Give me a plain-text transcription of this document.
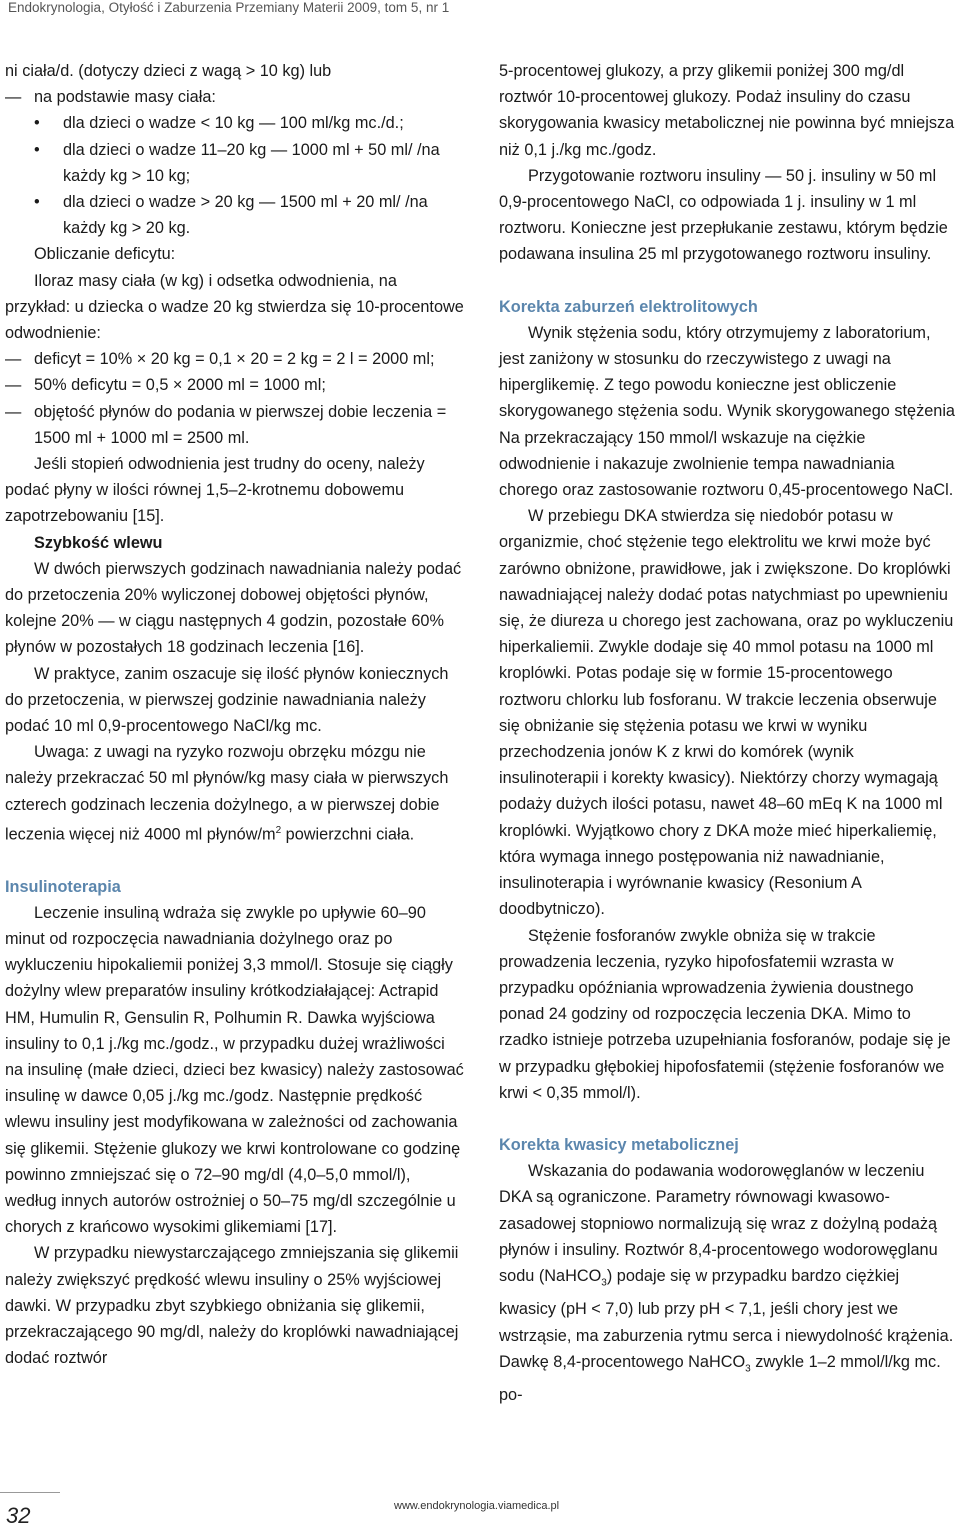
Endokrynologia, Otyłość i Zaburzenia Przemiany Materii 2009, tom 5, nr 1

ni ciała/d. (dotyczy dzieci z wagą > 10 kg) lub

— na podstawie masy ciała:
• dla dzieci o wadze < 10 kg — 100 ml/kg mc./d.;
• dla dzieci o wadze 11–20 kg — 1000 ml + 50 ml/ /na każdy kg > 10 kg;
• dla dzieci o wadze > 20 kg — 1500 ml + 20 ml/ /na każdy kg > 20 kg.

Obliczanie deficytu:

Iloraz masy ciała (w kg) i odsetka odwodnienia, na przykład: u dziecka o wadze 20 kg stwierdza się 10-procentowe odwodnienie:

— deficyt = 10% × 20 kg = 0,1 × 20 = 2 kg = 2 l = 2000 ml;
— 50% deficytu = 0,5 × 2000 ml = 1000 ml;
— objętość płynów do podania w pierwszej dobie leczenia = 1500 ml + 1000 ml = 2500 ml.

Jeśli stopień odwodnienia jest trudny do oceny, należy podać płyny w ilości równej 1,5–2-krotnemu dobowemu zapotrzebowaniu [15].

Szybkość wlewu

W dwóch pierwszych godzinach nawadniania należy podać do przetoczenia 20% wyliczonej dobowej objętości płynów, kolejne 20% — w ciągu następnych 4 godzin, pozostałe 60% płynów w pozostałych 18 godzinach leczenia [16].

W praktyce, zanim oszacuje się ilość płynów koniecznych do przetoczenia, w pierwszej godzinie nawadniania należy podać 10 ml 0,9-procentowego NaCl/kg mc.

Uwaga: z uwagi na ryzyko rozwoju obrzęku mózgu nie należy przekraczać 50 ml płynów/kg masy ciała w pierwszych czterech godzinach leczenia dożylnego, a w pierwszej dobie leczenia więcej niż 4000 ml płynów/$m^2$ powierzchni ciała.

Insulinoterapia

Leczenie insuliną wdraża się zwykle po upływie 60–90 minut od rozpoczęcia nawadniania dożylnego oraz po wykluczeniu hipokaliemii poniżej 3,3 mmol/l. Stosuje się ciągły dożylny wlew preparatów insuliny krótkodziałającej: Actrapid HM, Humulin R, Gensulin R, Polhumin R. Dawka wyjściowa insuliny to 0,1 j./kg mc./godz., w przypadku dużej wrażliwości na insulinę (małe dzieci, dzieci bez kwasicy) należy zastosować insulinę w dawce 0,05 j./kg mc./godz. Następnie prędkość wlewu insuliny jest modyfikowana w zależności od zachowania się glikemii. Stężenie glukozy we krwi kontrolowane co godzinę powinno zmniejszać się o 72–90 mg/dl (4,0–5,0 mmol/l), według innych autorów ostrożniej o 50–75 mg/dl szczególnie u chorych z krańcowo wysokimi glikemiami [17].

W przypadku niewystarczającego zmniejszania się glikemii należy zwiększyć prędkość wlewu insuliny o 25% wyjściowej dawki. W przypadku zbyt szybkiego obniżania się glikemii, przekraczającego 90 mg/dl, należy do kroplówki nawadniającej dodać roztwór

5-procentowej glukozy, a przy glikemii poniżej 300 mg/dl roztwór 10-procentowej glukozy. Podaż insuliny do czasu skorygowania kwasicy metabolicznej nie powinna być mniejsza niż 0,1 j./kg mc./godz.

Przygotowanie roztworu insuliny — 50 j. insuliny w 50 ml 0,9-procentowego NaCl, co odpowiada 1 j. insuliny w 1 ml roztworu. Konieczne jest przepłukanie zestawu, którym będzie podawana insulina 25 ml przygotowanego roztworu insuliny.

Korekta zaburzeń elektrolitowych

Wynik stężenia sodu, który otrzymujemy z laboratorium, jest zaniżony w stosunku do rzeczywistego z uwagi na hiperglikemię. Z tego powodu konieczne jest obliczenie skorygowanego stężenia sodu. Wynik skorygowanego stężenia Na przekraczający 150 mmol/l wskazuje na ciężkie odwodnienie i nakazuje zwolnienie tempa nawadniania chorego oraz zastosowanie roztworu 0,45-procentowego NaCl.

W przebiegu DKA stwierdza się niedobór potasu w organizmie, choć stężenie tego elektrolitu we krwi może być zarówno obniżone, prawidłowe, jak i zwiększone. Do kroplówki nawadniającej należy dodać potas natychmiast po upewnieniu się, że diureza u chorego jest zachowana, oraz po wykluczeniu hiperkaliemii. Zwykle dodaje się 40 mmol potasu na 1000 ml kroplówki. Potas podaje się w formie 15-procentowego roztworu chlorku lub fosforanu. W trakcie leczenia obserwuje się obniżanie się stężenia potasu we krwi w wyniku przechodzenia jonów K z krwi do komórek (wynik insulinoterapii i korekty kwasicy). Niektórzy chorzy wymagają podaży dużych ilości potasu, nawet 48–60 mEq K na 1000 ml kroplówki. Wyjątkowo chory z DKA może mieć hiperkaliemię, która wymaga innego postępowania niż nawadnianie, insulinoterapia i wyrównanie kwasicy (Resonium A doodbytniczo).

Stężenie fosforanów zwykle obniża się w trakcie prowadzenia leczenia, ryzyko hipofosfatemii wzrasta w przypadku opóźniania wprowadzenia żywienia doustnego ponad 24 godziny od rozpoczęcia leczenia DKA. Mimo to rzadko istnieje potrzeba uzupełniania fosforanów, podaje się je w przypadku głębokiej hipofosfatemii (stężenie fosforanów we krwi < 0,35 mmol/l).

Korekta kwasicy metabolicznej

Wskazania do podawania wodorowęglanów w leczeniu DKA są ograniczone. Parametry równowagi kwasowo-zasadowej stopniowo normalizują się wraz z dożylną podażą płynów i insuliny. Roztwór 8,4-procentowego wodorowęglanu sodu (NaHCO$_3$) podaje się w przypadku bardzo ciężkiej kwasicy (pH < 7,0) lub przy pH < 7,1, jeśli chory jest we wstrząsie, ma zaburzenia rytmu serca i niewydolność krążenia. Dawkę 8,4-procentowego NaHCO$_3$ zwykle 1–2 mmol/l/kg mc. po-

32	www.endokrynologia.viamedica.pl
